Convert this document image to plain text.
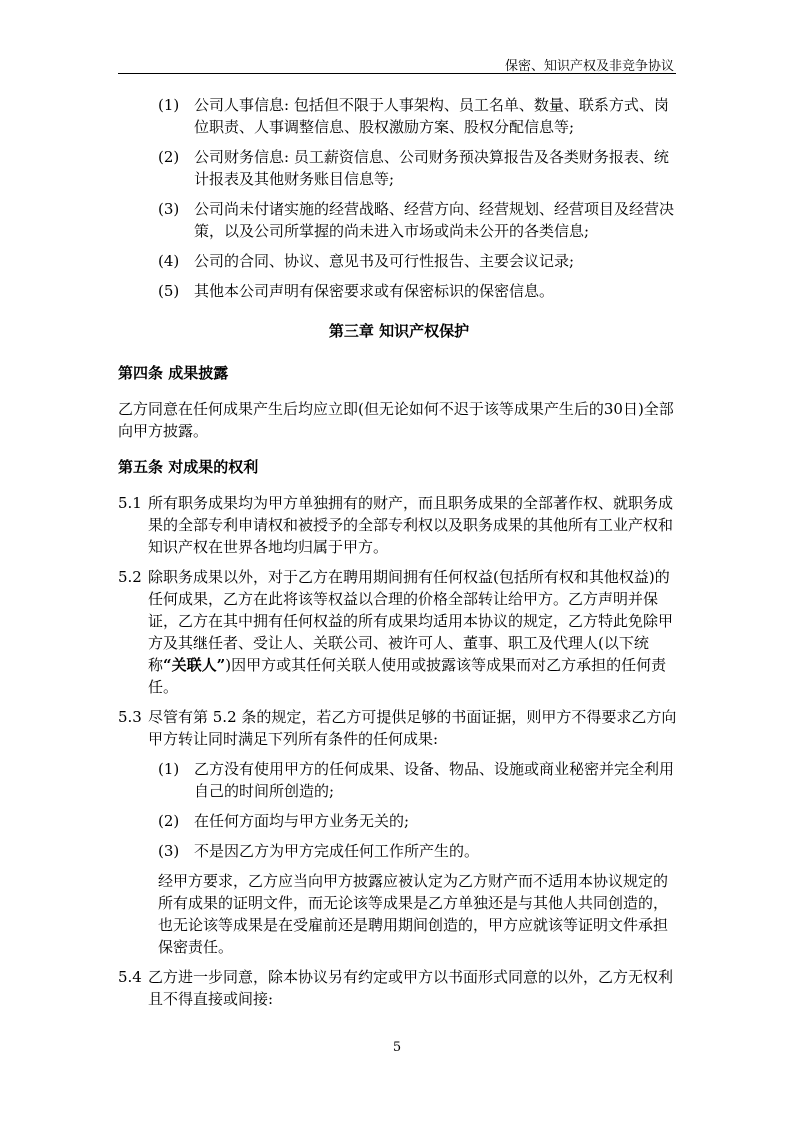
保密、知识产权及非竞争协议
(1) 公司人事信息: 包括但不限于人事架构、员工名单、数量、联系方式、岗位职责、人事调整信息、股权激励方案、股权分配信息等;
(2) 公司财务信息: 员工薪资信息、公司财务预决算报告及各类财务报表、统计报表及其他财务账目信息等;
(3) 公司尚未付诸实施的经营战略、经营方向、经营规划、经营项目及经营决策，以及公司所掌握的尚未进入市场或尚未公开的各类信息;
(4) 公司的合同、协议、意见书及可行性报告、主要会议记录;
(5) 其他本公司声明有保密要求或有保密标识的保密信息。
第三章 知识产权保护
第四条 成果披露
乙方同意在任何成果产生后均应立即(但无论如何不迟于该等成果产生后的30日)全部向甲方披露。
第五条 对成果的权利
5.1 所有职务成果均为甲方单独拥有的财产，而且职务成果的全部著作权、就职务成果的全部专利申请权和被授予的全部专利权以及职务成果的其他所有工业产权和知识产权在世界各地均归属于甲方。
5.2 除职务成果以外，对于乙方在聘用期间拥有任何权益(包括所有权和其他权益)的任何成果，乙方在此将该等权益以合理的价格全部转让给甲方。乙方声明并保证，乙方在其中拥有任何权益的所有成果均适用本协议的规定，乙方特此免除甲方及其继任者、受让人、关联公司、被许可人、董事、职工及代理人(以下统称“关联人”)因甲方或其任何关联人使用或披露该等成果而对乙方承担的任何责任。
5.3 尽管有第 5.2 条的规定，若乙方可提供足够的书面证据，则甲方不得要求乙方向甲方转让同时满足下列所有条件的任何成果:
(1) 乙方没有使用甲方的任何成果、设备、物品、设施或商业秘密并完全利用自己的时间所创造的;
(2) 在任何方面均与甲方业务无关的;
(3) 不是因乙方为甲方完成任何工作所产生的。
经甲方要求，乙方应当向甲方披露应被认定为乙方财产而不适用本协议规定的所有成果的证明文件，而无论该等成果是乙方单独还是与其他人共同创造的，也无论该等成果是在受雇前还是聘用期间创造的，甲方应就该等证明文件承担保密责任。
5.4 乙方进一步同意，除本协议另有约定或甲方以书面形式同意的以外，乙方无权利且不得直接或间接:
5
